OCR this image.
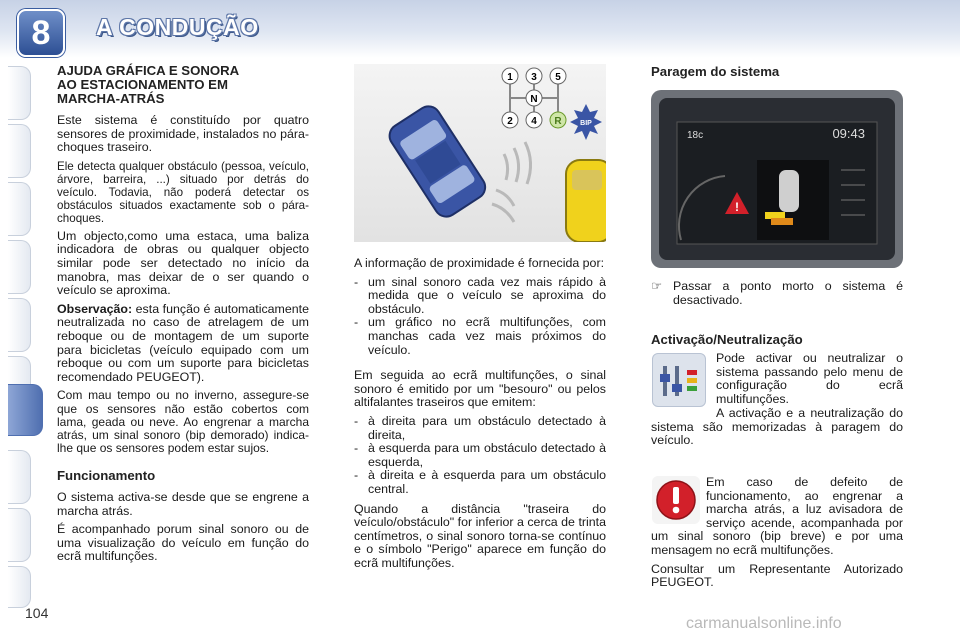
8	A CONDUÇÃO
AJUDA GRÁFICA E SONORA
AO ESTACIONAMENTO EM
MARCHA-ATRÁS

Este sistema é constituído por quatro sensores de proximidade, instalados no pára-choques traseiro.

Ele detecta qualquer obstáculo (pessoa, veículo, árvore, barreira, ...) situado por detrás do veículo. Todavia, não poderá detectar os obstáculos situados exactamente sob o pára-choques.

Um objecto,como uma estaca, uma baliza indicadora de obras ou qualquer objecto similar pode ser detectado no início da manobra, mas deixar de o ser quando o veículo se aproxima.

Observação: esta função é automaticamente neutralizada no caso de atrelagem de um reboque ou de montagem de um suporte para bicicletas (veículo equipado com um reboque ou com um suporte para bicicletas recomendado PEUGEOT).

Com mau tempo ou no inverno, assegure-se que os sensores não estão cobertos com lama, geada ou neve. Ao engrenar a marcha atrás, um sinal sonoro (bip demorado) indica-lhe que os sensores podem estar sujos.

Funcionamento

O sistema activa-se desde que se engrene a marcha atrás.

É acompanhado porum sinal sonoro ou de uma visualização do veículo em função do ecrã multifunções.

1 3 5
N
2 4 R	BIP

A informação de proximidade é fornecida por:

- um sinal sonoro cada vez mais rápido à medida que o veículo se aproxima do obstáculo.
- um gráfico no ecrã multifunções, com manchas cada vez mais próximos do veículo.

Em seguida ao ecrã multifunções, o sinal sonoro é emitido por um "besouro" ou pelos altifalantes traseiros que emitem:

- à direita para um obstáculo detectado à direita,
- à esquerda para um obstáculo detectado à esquerda,
- à direita e à esquerda para um obstáculo central.

Quando a distância "traseira do veículo/obstáculo" for inferior a cerca de trinta centímetros, o sinal sonoro torna-se contínuo e o símbolo "Perigo" aparece em função do ecrã multifunções.

Paragem do sistema
18c	09:43
!
☞ Passar a ponto morto o sistema é desactivado.
Activação/Neutralização

Pode activar ou neutralizar o sistema passando pelo menu de configuração do ecrã multifunções.

A activação e a neutralização do sistema são memorizadas à paragem do veículo.

Em caso de defeito de funcionamento, ao engrenar a marcha atrás, a luz avisadora de serviço acende, acompanhada por um sinal sonoro (bip breve) e por uma mensagem no ecrã multifunções.

Consultar um Representante Autorizado PEUGEOT.

104
carmanualsonline.info
